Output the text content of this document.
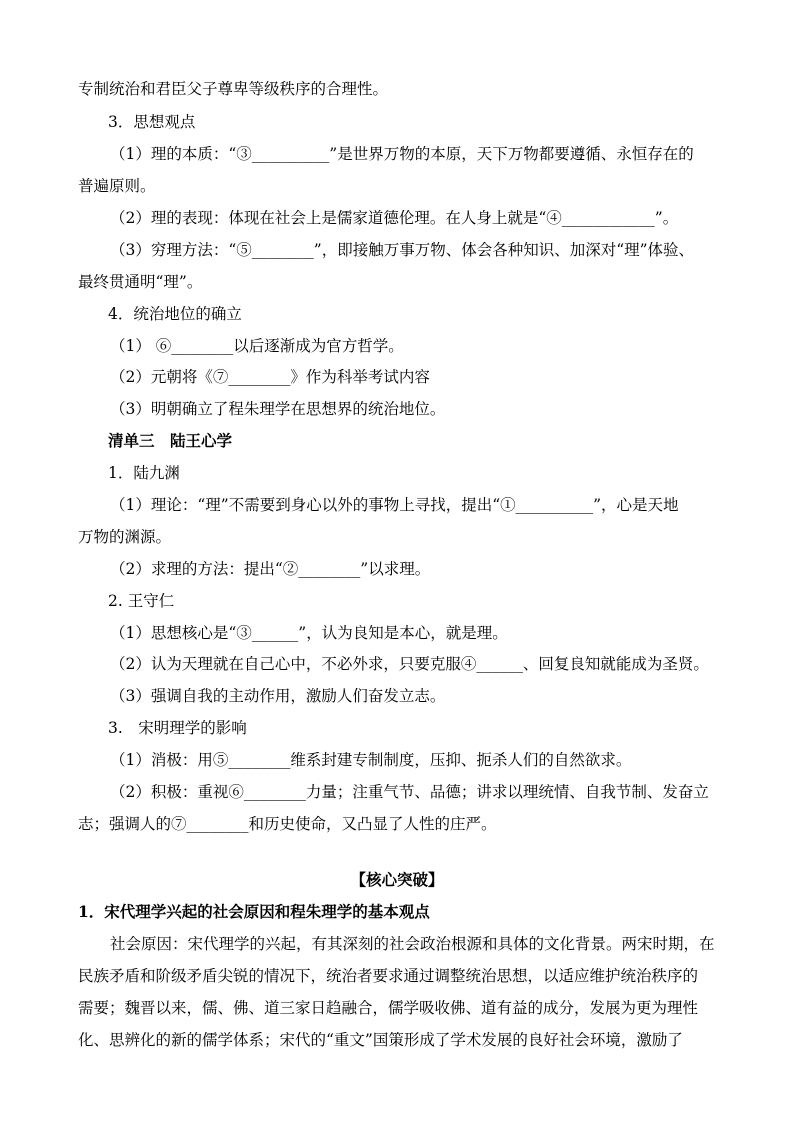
专制统治和君臣父子尊卑等级秩序的合理性。
3．思想观点
（1）理的本质：“③__________”是世界万物的本原，天下万物都要遵循、永恒存在的
普遍原则。
（2）理的表现：体现在社会上是儒家道德伦理。在人身上就是“④____________”。
（3）穷理方法：“⑤________”，即接触万事万物、体会各种知识、加深对“理”体验、
最终贯通明“理”。
4．统治地位的确立
（1） ⑥________以后逐渐成为官方哲学。
（2）元朝将《⑦________》作为科举考试内容
（3）明朝确立了程朱理学在思想界的统治地位。
清单三　陆王心学
1．陆九渊
（1）理论：“理”不需要到身心以外的事物上寻找，提出“①__________”，心是天地
万物的渊源。
（2）求理的方法：提出“②________”以求理。
2. 王守仁
（1）思想核心是“③______”，认为良知是本心，就是理。
（2）认为天理就在自己心中，不必外求，只要克服④______、回复良知就能成为圣贤。
（3）强调自我的主动作用，激励人们奋发立志。
3.　宋明理学的影响
（1）消极：用⑤________维系封建专制制度，压抑、扼杀人们的自然欲求。
（2）积极：重视⑥________力量；注重气节、品德；讲求以理统情、自我节制、发奋立
志；强调人的⑦________和历史使命，又凸显了人性的庄严。
【核心突破】
1．宋代理学兴起的社会原因和程朱理学的基本观点
社会原因：宋代理学的兴起，有其深刻的社会政治根源和具体的文化背景。两宋时期，在
民族矛盾和阶级矛盾尖锐的情况下，统治者要求通过调整统治思想，以适应维护统治秩序的
需要；魏晋以来，儒、佛、道三家日趋融合，儒学吸收佛、道有益的成分，发展为更为理性
化、思辨化的新的儒学体系；宋代的“重文”国策形成了学术发展的良好社会环境，激励了
